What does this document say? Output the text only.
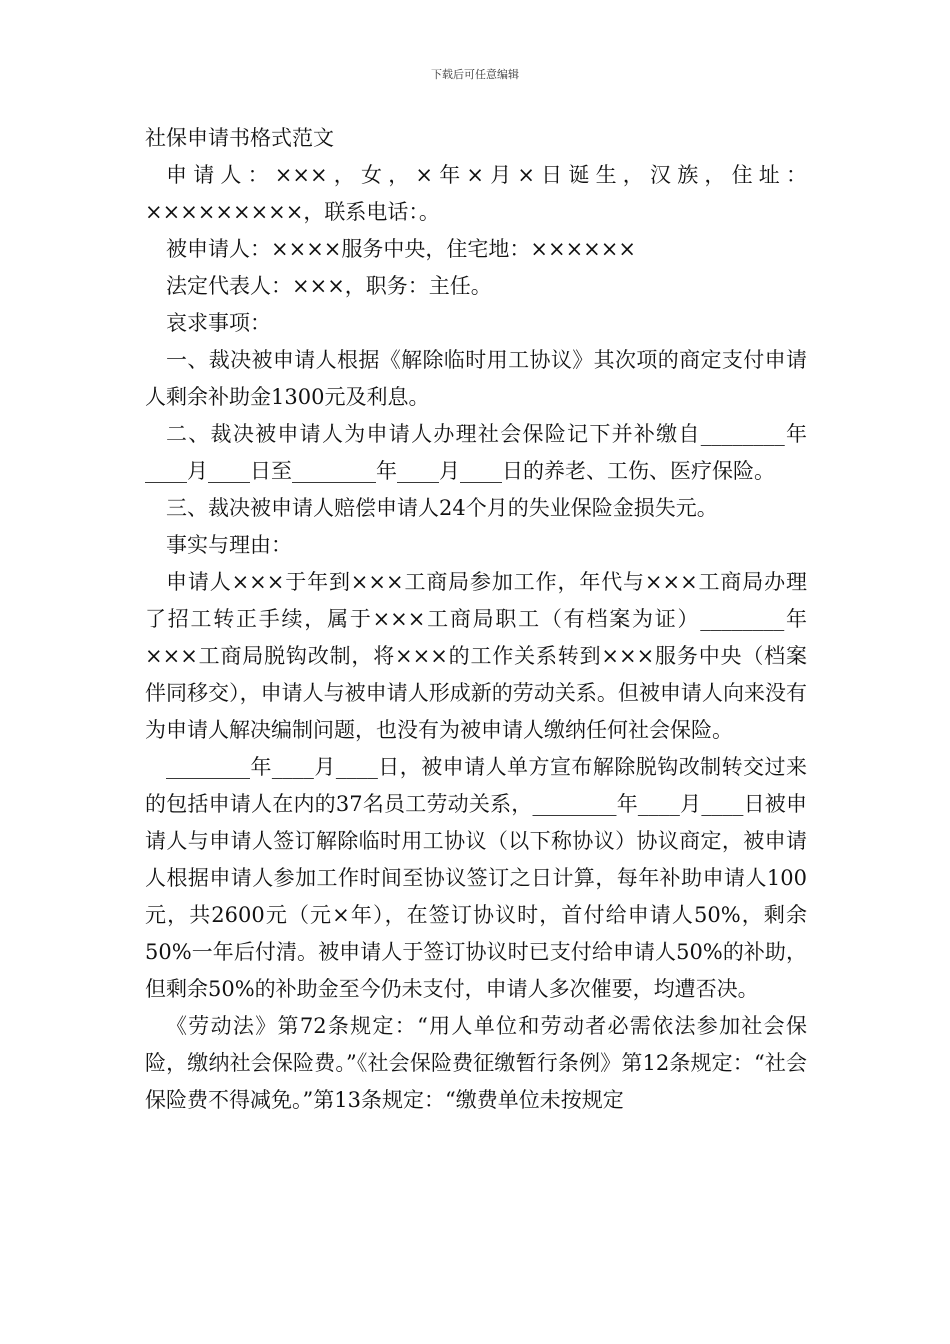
下载后可任意编辑

社保申请书格式范文

申请人：×××，女，×年×月×日诞生，汉族，住址：×××××××××，联系电话：。

被申请人：××××服务中央，住宅地：××××××

法定代表人：×××，职务：主任。

哀求事项：

一、裁决被申请人根据《解除临时用工协议》其次项的商定支付申请人剩余补助金1300元及利息。

二、裁决被申请人为申请人办理社会保险记下并补缴自________年____月____日至________年____月____日的养老、工伤、医疗保险。

三、裁决被申请人赔偿申请人24个月的失业保险金损失元。

事实与理由：

申请人×××于年到×××工商局参加工作，年代与×××工商局办理了招工转正手续，属于×××工商局职工（有档案为证）________年×××工商局脱钩改制，将×××的工作关系转到×××服务中央（档案伴同移交），申请人与被申请人形成新的劳动关系。但被申请人向来没有为申请人解决编制问题，也没有为被申请人缴纳任何社会保险。

________年____月____日，被申请人单方宣布解除脱钩改制转交过来的包括申请人在内的37名员工劳动关系，________年____月____日被申请人与申请人签订解除临时用工协议（以下称协议）协议商定，被申请人根据申请人参加工作时间至协议签订之日计算，每年补助申请人100元，共2600元（元×年），在签订协议时，首付给申请人50%，剩余50%一年后付清。被申请人于签订协议时已支付给申请人50%的补助，但剩余50%的补助金至今仍未支付，申请人多次催要，均遭否决。

《劳动法》第72条规定：“用人单位和劳动者必需依法参加社会保险，缴纳社会保险费。”《社会保险费征缴暂行条例》第12条规定：“社会保险费不得减免。”第13条规定：“缴费单位未按规定
